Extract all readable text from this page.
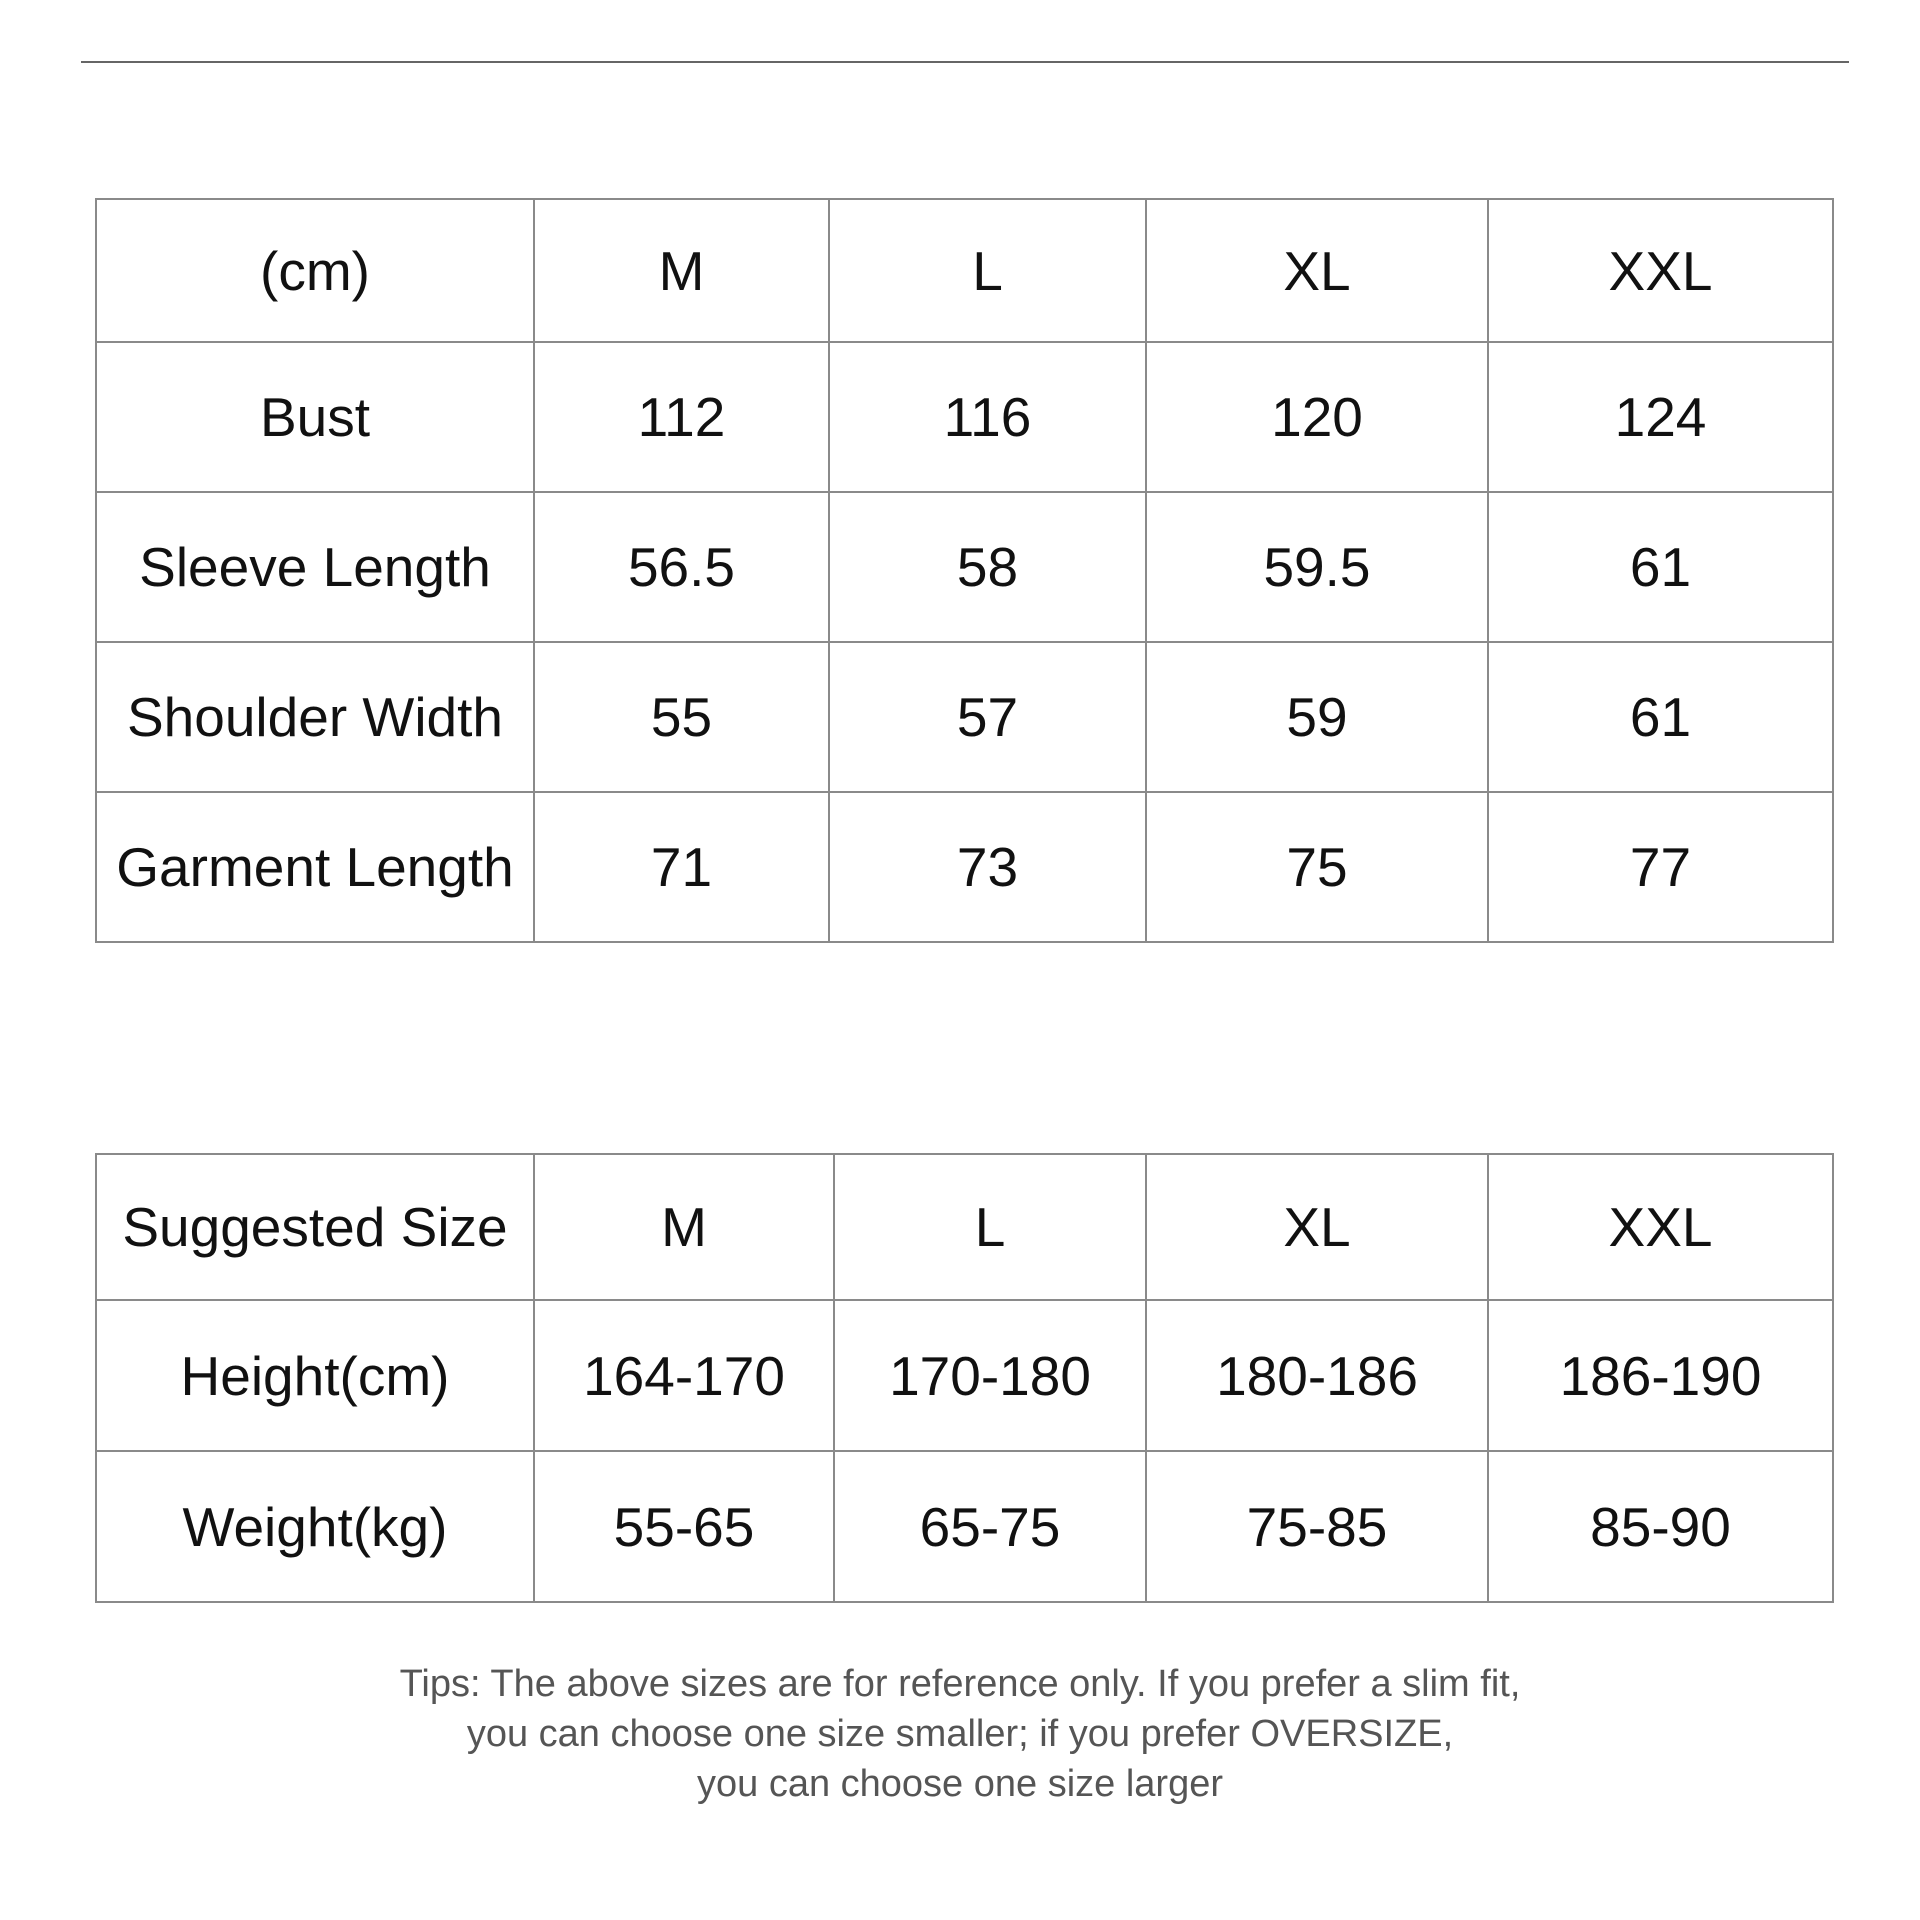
(cm)	M	L	XL	XXL
Bust	112	116	120	124
Sleeve Length	56.5	58	59.5	61
Shoulder Width	55	57	59	61
Garment Length	71	73	75	77
Suggested Size	M	L	XL	XXL
Height(cm)	164-170	170-180	180-186	186-190
Weight(kg)	55-65	65-75	75-85	85-90
Tips: The above sizes are for reference only. If you prefer a slim fit,
you can choose one size smaller; if you prefer OVERSIZE,
you can choose one size larger
